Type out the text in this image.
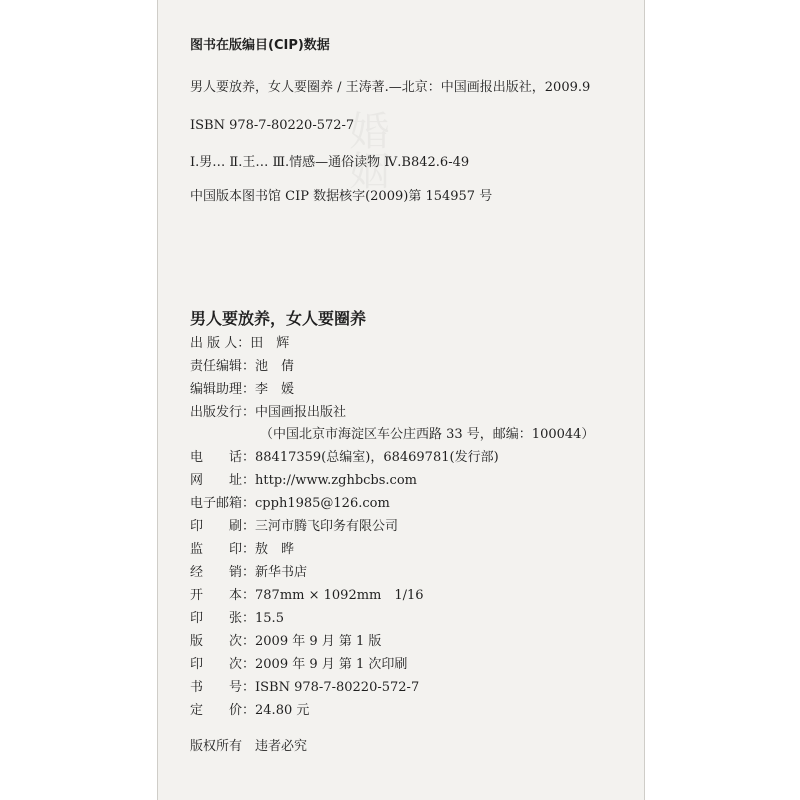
婚姻
图书在版编目(CIP)数据
男人要放养，女人要圈养 / 王涛著.—北京：中国画报出版社，2009.9
ISBN 978-7-80220-572-7
Ⅰ.男… Ⅱ.王… Ⅲ.情感—通俗读物 Ⅳ.B842.6-49
中国版本图书馆 CIP 数据核字(2009)第 154957 号
男人要放养，女人要圈养
出 版 人：田　辉
责任编辑：池　倩
编辑助理：李　媛
出版发行：中国画报出版社
（中国北京市海淀区车公庄西路 33 号，邮编：100044）
电　　话：88417359(总编室)，68469781(发行部)
网　　址：http://www.zghbcbs.com
电子邮箱：cpph1985@126.com
印　　刷：三河市腾飞印务有限公司
监　　印：敖　晔
经　　销：新华书店
开　　本：787mm × 1092mm　1/16
印　　张：15.5
版　　次：2009 年 9 月 第 1 版
印　　次：2009 年 9 月 第 1 次印刷
书　　号：ISBN 978-7-80220-572-7
定　　价：24.80 元
版权所有　违者必究
